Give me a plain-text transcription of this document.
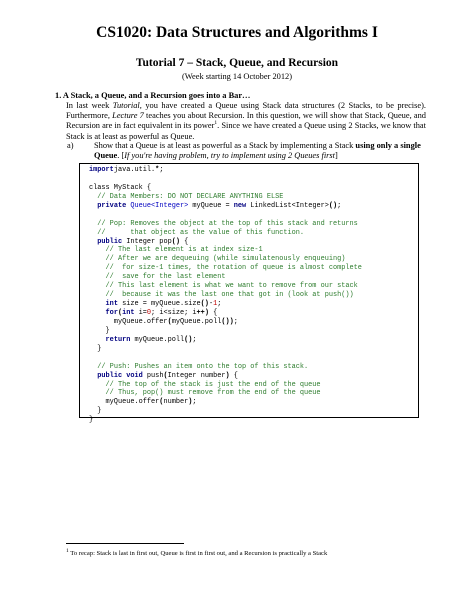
CS1020: Data Structures and Algorithms I
Tutorial 7 – Stack, Queue, and Recursion
(Week starting 14 October 2012)
1. A Stack, a Queue, and a Recursion goes into a Bar…
In last week Tutorial, you have created a Queue using Stack data structures (2 Stacks, to be precise). Furthermore, Lecture 7 teaches you about Recursion. In this question, we will show that Stack, Queue, and Recursion are in fact equivalent in its power$^1$. Since we have created a Queue using 2 Stacks, we know that Stack is at least as powerful as Queue.
a) Show that a Queue is at least as powerful as a Stack by implementing a Stack using only a single Queue. [If you're having problem, try to implement using 2 Queues first]
importjava.util.*;

class MyStack {
// Data Members: DO NOT DECLARE ANYTHING ELSE
private Queue<Integer> myQueue = new LinkedList<Integer>();

// Pop: Removes the object at the top of this stack and returns
//      that object as the value of this function.
public Integer pop() {
// The last element is at index size-1
// After we are dequeuing (while simulatenously enqueuing)
//  for size-1 times, the rotation of queue is almost complete
//  save for the last element
// This last element is what we want to remove from our stack
//  because it was the last one that got in (look at push())
int size = myQueue.size()-1;
for(int i=0; i<size; i++) {
myQueue.offer(myQueue.poll());
}
return myQueue.poll();
}

// Push: Pushes an item onto the top of this stack.
public void push(Integer number) {
// The top of the stack is just the end of the queue
// Thus, pop() must remove from the end of the queue
myQueue.offer(number);
}
}
$^1$ To recap: Stack is last in first out, Queue is first in first out, and a Recursion is practically a Stack
